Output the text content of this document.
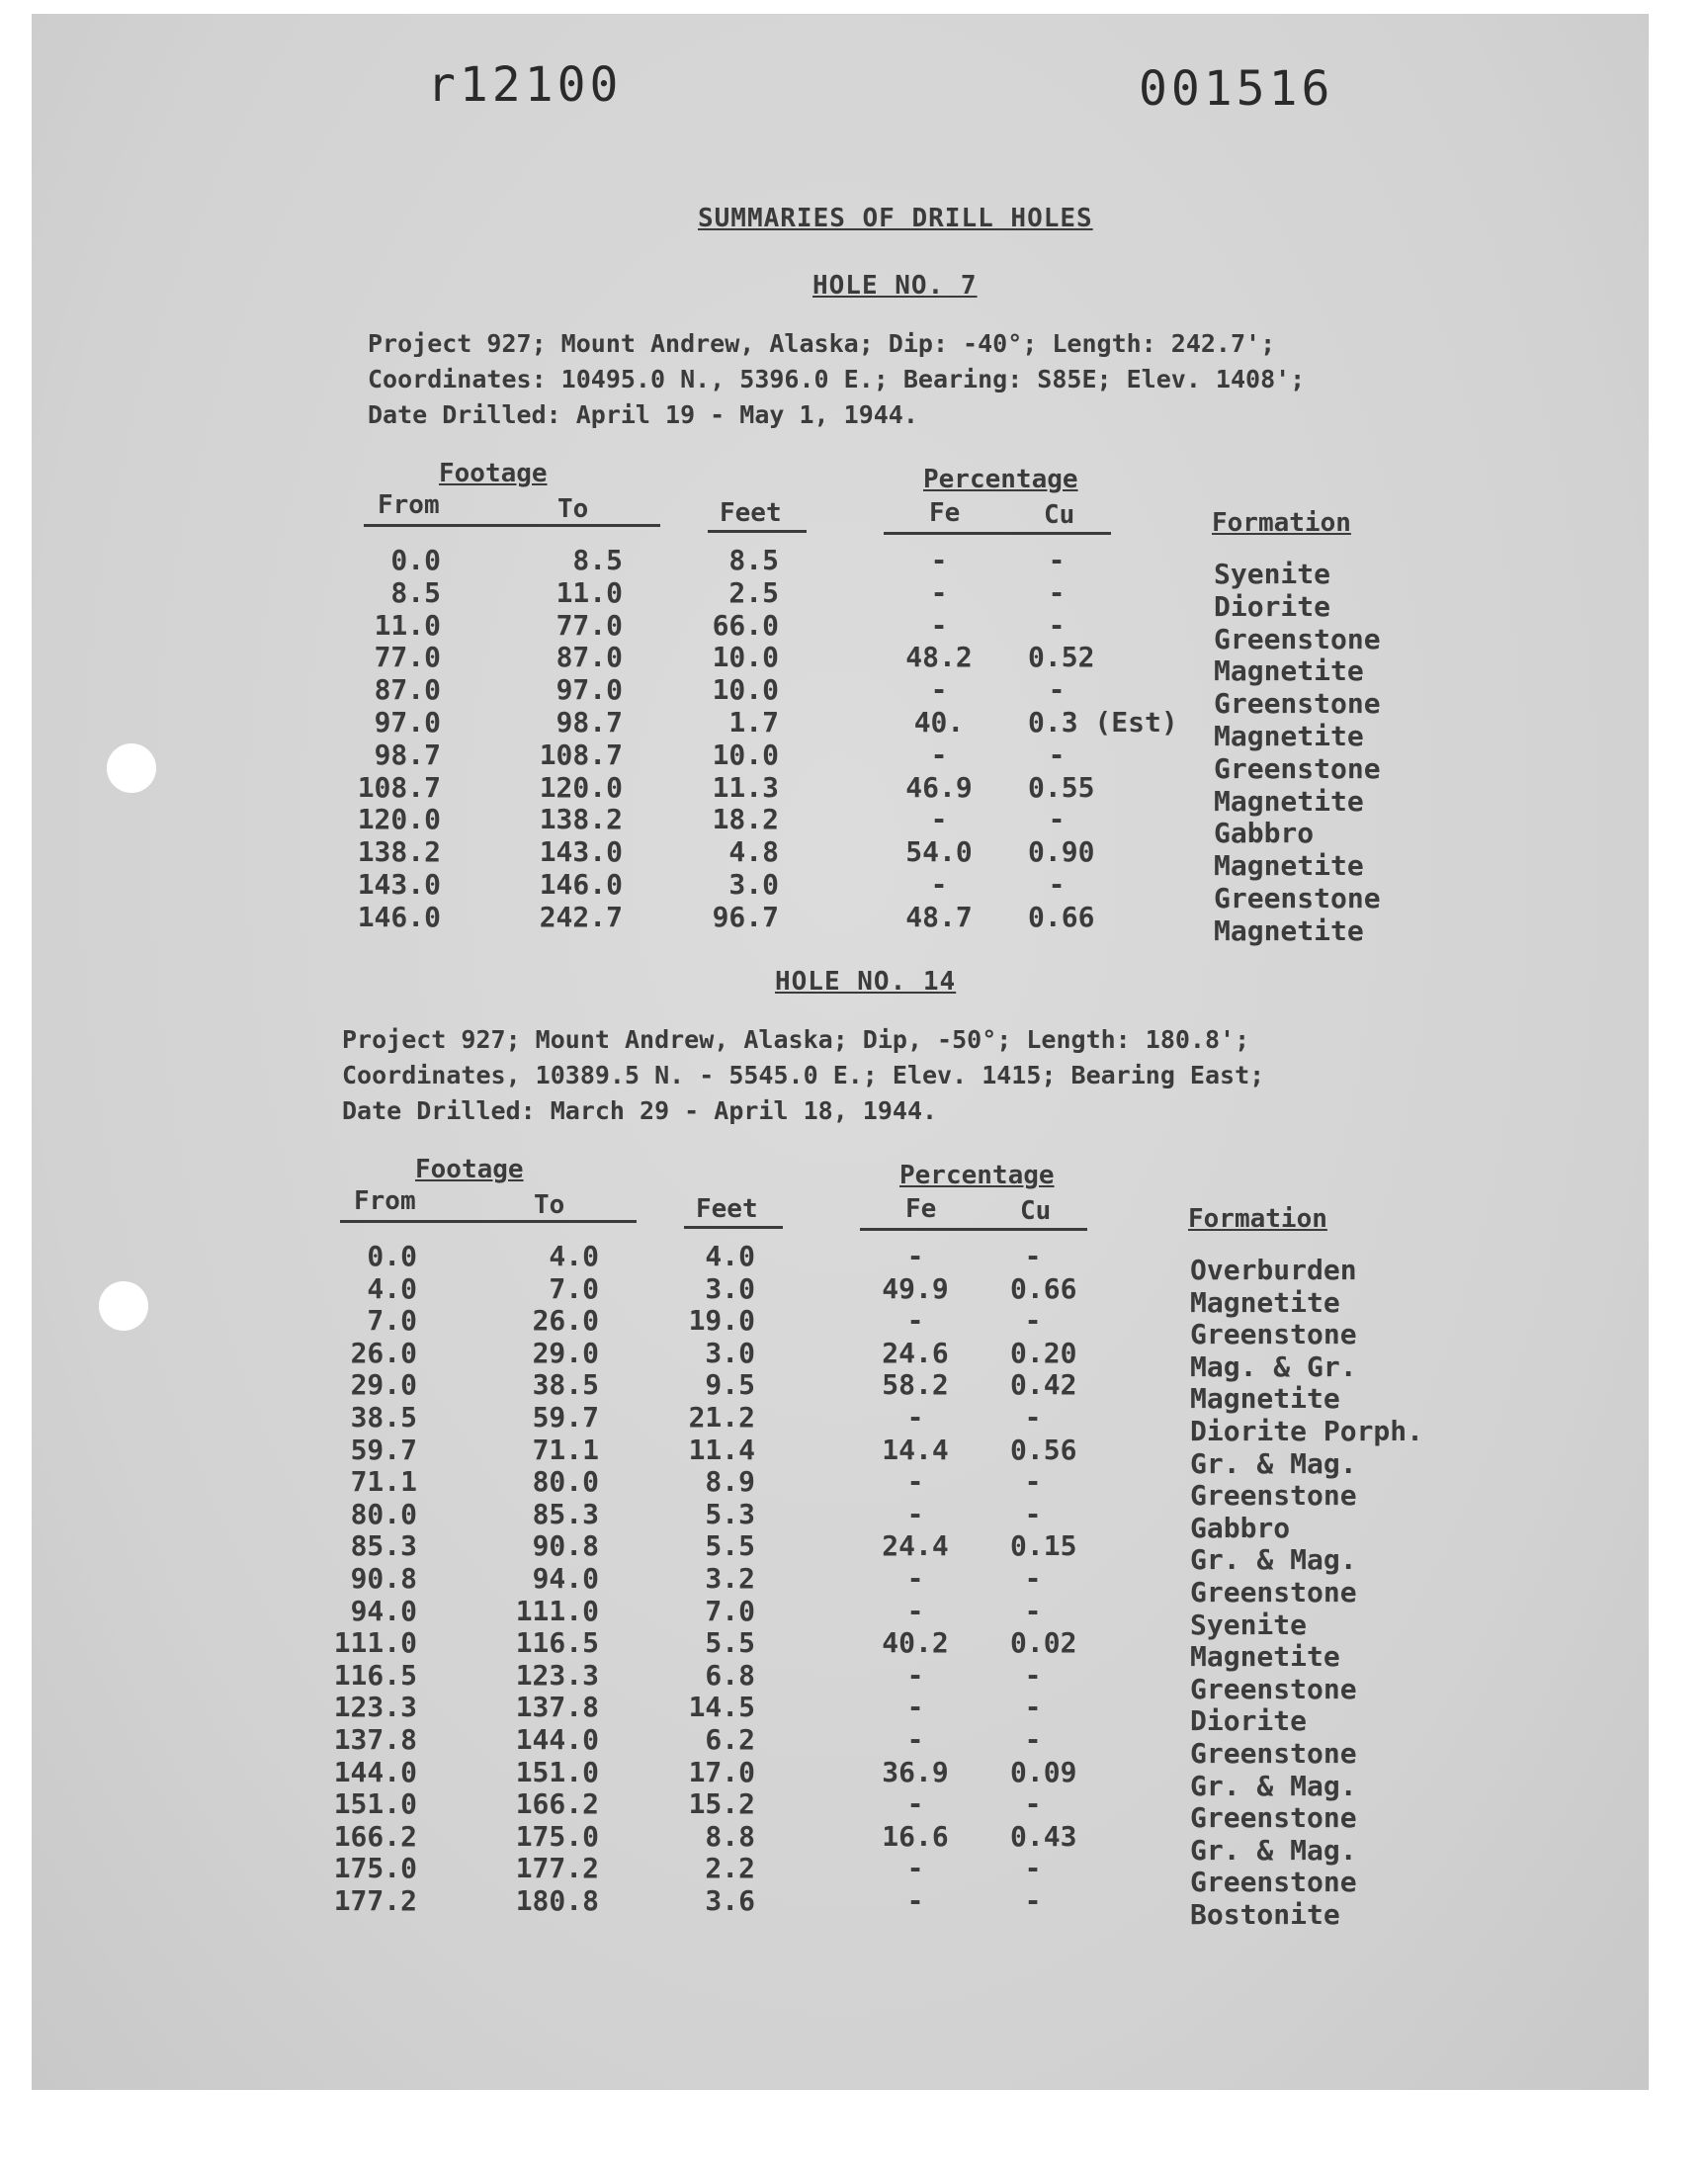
r12100	001516
SUMMARIES OF DRILL HOLES
HOLE NO. 7
Project 927; Mount Andrew, Alaska; Dip: -40°; Length: 242.7';
Coordinates: 10495.0 N., 5396.0 E.; Bearing: S85E; Elev. 1408';
Date Drilled: April 19 - May 1, 1944.
Footage
From	To	Feet
Percentage
Fe	Cu	Formation
0.0	8.5	8.5	-	-	Syenite
8.5	11.0	2.5	-	-	Diorite
11.0	77.0	66.0	-	-	Greenstone
77.0	87.0	10.0	48.2	0.52	Magnetite
87.0	97.0	10.0	-	-	Greenstone
97.0	98.7	1.7	40.	0.3 (Est)	Magnetite
98.7	108.7	10.0	-	-	Greenstone
108.7	120.0	11.3	46.9	0.55	Magnetite
120.0	138.2	18.2	-	-	Gabbro
138.2	143.0	4.8	54.0	0.90	Magnetite
143.0	146.0	3.0	-	-	Greenstone
146.0	242.7	96.7	48.7	0.66	Magnetite
HOLE NO. 14
Project 927; Mount Andrew, Alaska; Dip, -50°; Length: 180.8';
Coordinates, 10389.5 N. - 5545.0 E.; Elev. 1415; Bearing East;
Date Drilled: March 29 - April 18, 1944.
Footage
From	To	Feet
Percentage
Fe	Cu	Formation
0.0	4.0	4.0	-	-	Overburden
4.0	7.0	3.0	49.9	0.66	Magnetite
7.0	26.0	19.0	-	-	Greenstone
26.0	29.0	3.0	24.6	0.20	Mag. & Gr.
29.0	38.5	9.5	58.2	0.42	Magnetite
38.5	59.7	21.2	-	-	Diorite Porph.
59.7	71.1	11.4	14.4	0.56	Gr. & Mag.
71.1	80.0	8.9	-	-	Greenstone
80.0	85.3	5.3	-	-	Gabbro
85.3	90.8	5.5	24.4	0.15	Gr. & Mag.
90.8	94.0	3.2	-	-	Greenstone
94.0	111.0	7.0	-	-	Syenite
111.0	116.5	5.5	40.2	0.02	Magnetite
116.5	123.3	6.8	-	-	Greenstone
123.3	137.8	14.5	-	-	Diorite
137.8	144.0	6.2	-	-	Greenstone
144.0	151.0	17.0	36.9	0.09	Gr. & Mag.
151.0	166.2	15.2	-	-	Greenstone
166.2	175.0	8.8	16.6	0.43	Gr. & Mag.
175.0	177.2	2.2	-	-	Greenstone
177.2	180.8	3.6	-	-	Bostonite
